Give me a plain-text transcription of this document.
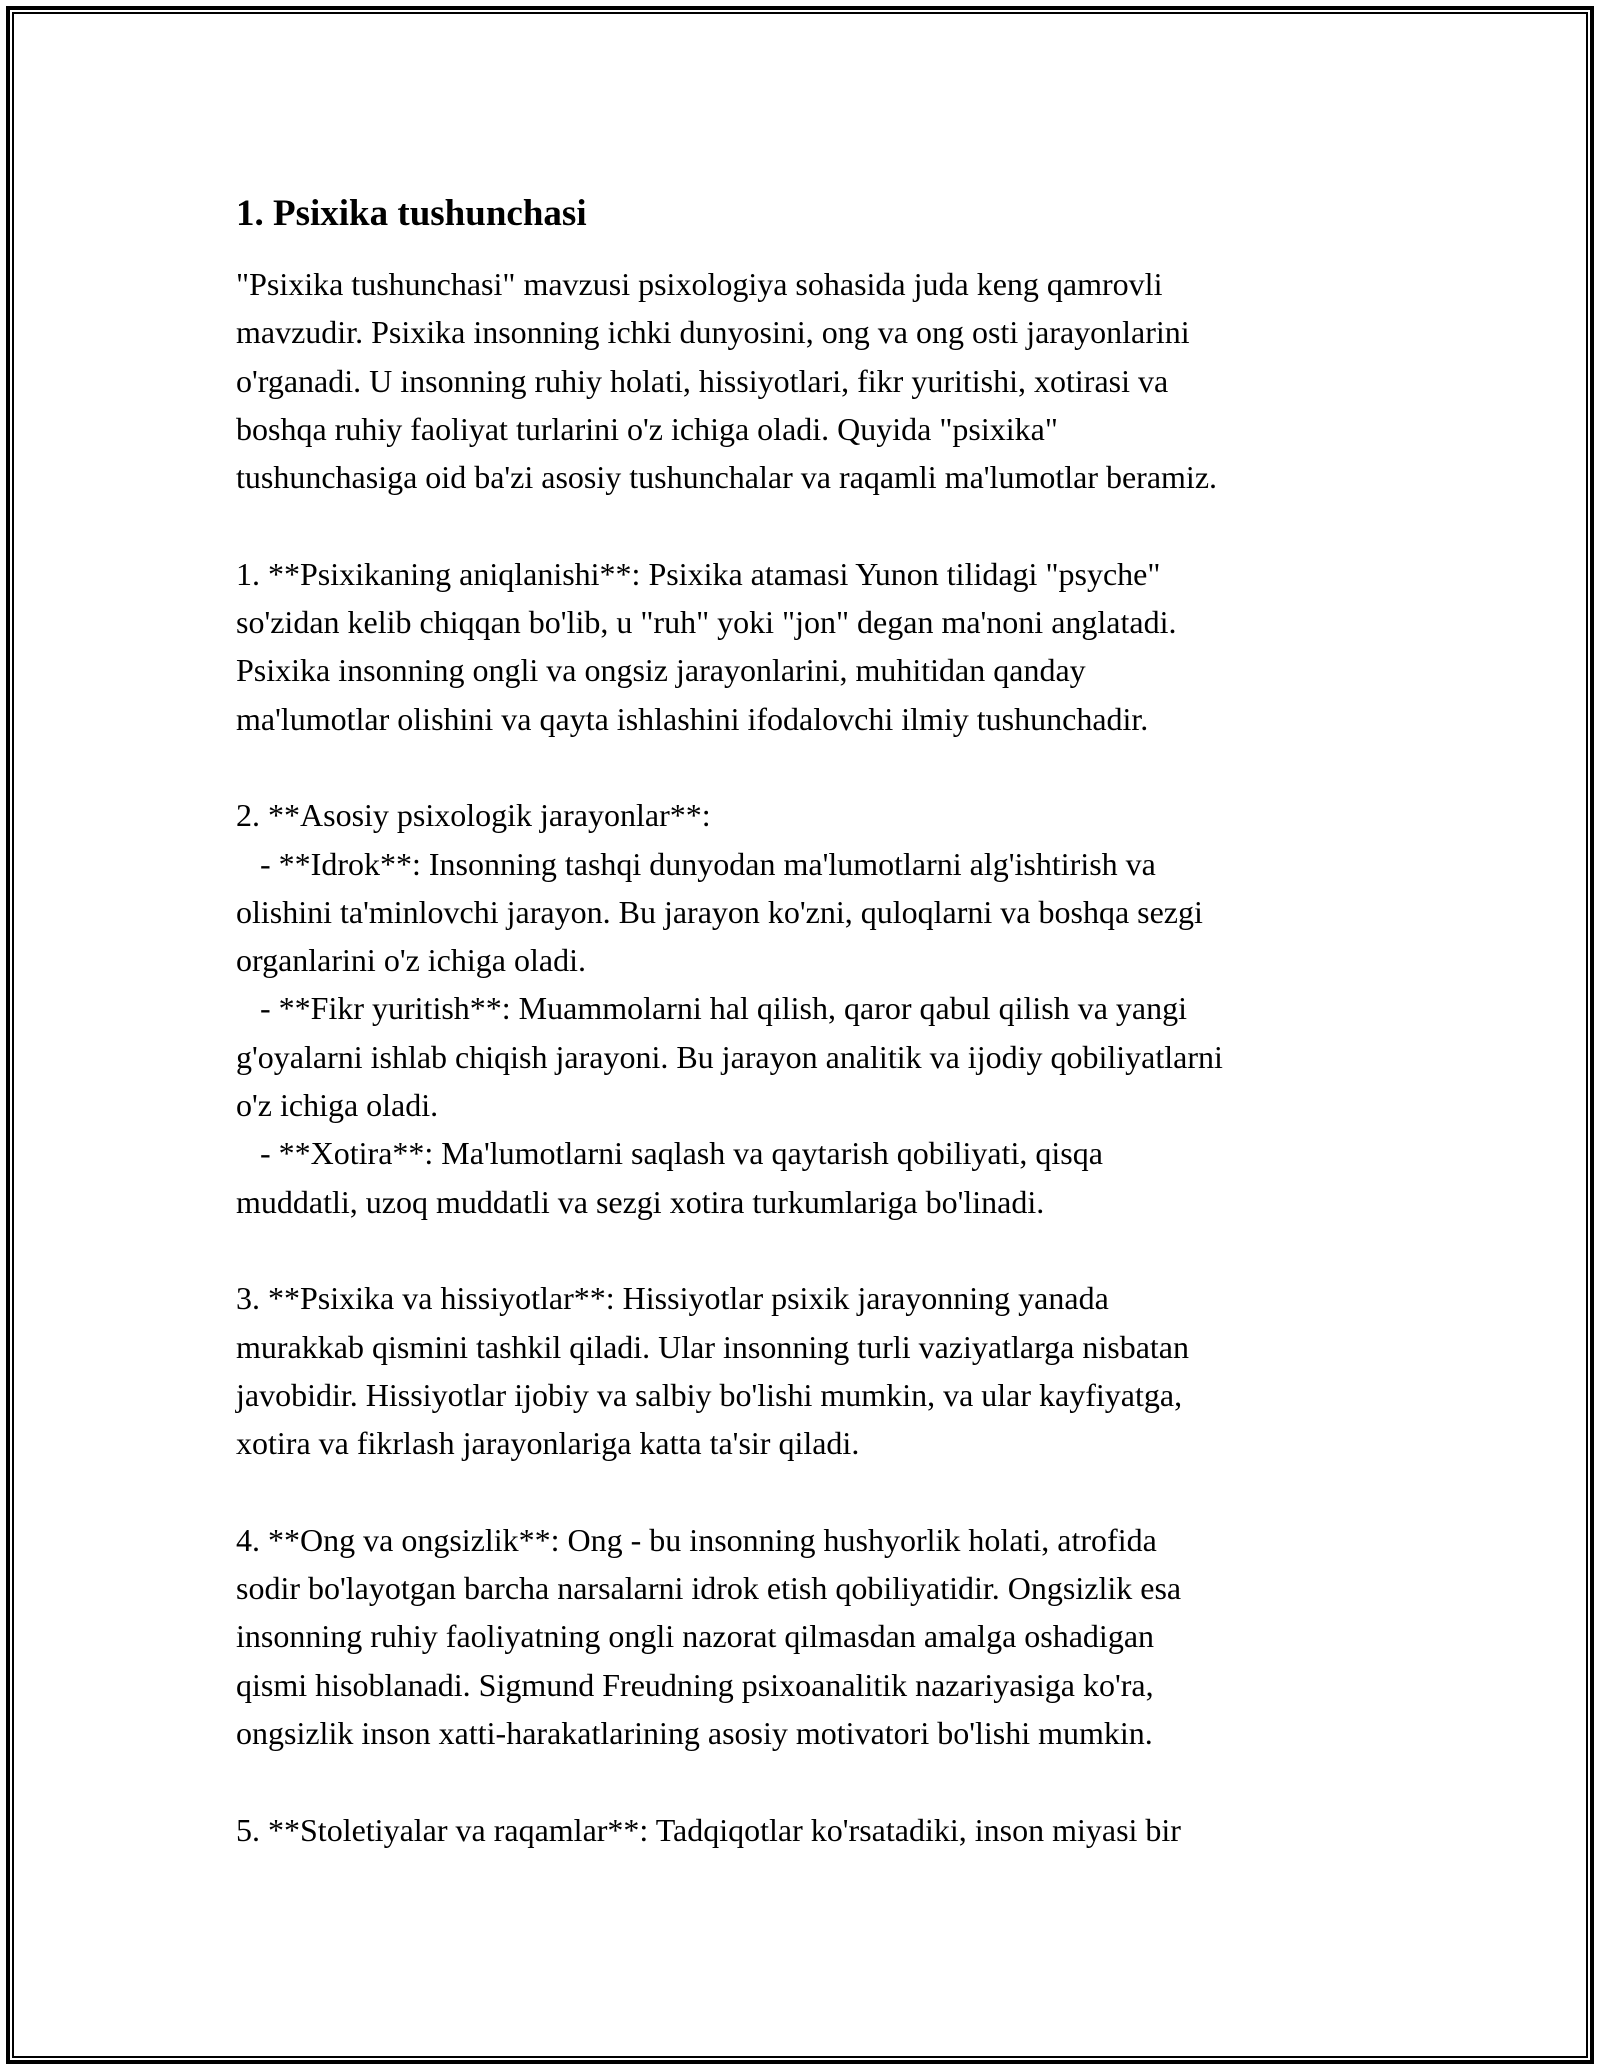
1. Psixika tushunchasi
"Psixika tushunchasi" mavzusi psixologiya sohasida juda keng qamrovli
mavzudir. Psixika insonning ichki dunyosini, ong va ong osti jarayonlarini
o'rganadi. U insonning ruhiy holati, hissiyotlari, fikr yuritishi, xotirasi va
boshqa ruhiy faoliyat turlarini o'z ichiga oladi. Quyida "psixika"
tushunchasiga oid ba'zi asosiy tushunchalar va raqamli ma'lumotlar beramiz.
1. **Psixikaning aniqlanishi**: Psixika atamasi Yunon tilidagi "psyche"
so'zidan kelib chiqqan bo'lib, u "ruh" yoki "jon" degan ma'noni anglatadi.
Psixika insonning ongli va ongsiz jarayonlarini, muhitidan qanday
ma'lumotlar olishini va qayta ishlashini ifodalovchi ilmiy tushunchadir.
2. **Asosiy psixologik jarayonlar**:
- **Idrok**: Insonning tashqi dunyodan ma'lumotlarni alg'ishtirish va
olishini ta'minlovchi jarayon. Bu jarayon ko'zni, quloqlarni va boshqa sezgi
organlarini o'z ichiga oladi.
- **Fikr yuritish**: Muammolarni hal qilish, qaror qabul qilish va yangi
g'oyalarni ishlab chiqish jarayoni. Bu jarayon analitik va ijodiy qobiliyatlarni
o'z ichiga oladi.
- **Xotira**: Ma'lumotlarni saqlash va qaytarish qobiliyati, qisqa
muddatli, uzoq muddatli va sezgi xotira turkumlariga bo'linadi.
3. **Psixika va hissiyotlar**: Hissiyotlar psixik jarayonning yanada
murakkab qismini tashkil qiladi. Ular insonning turli vaziyatlarga nisbatan
javobidir. Hissiyotlar ijobiy va salbiy bo'lishi mumkin, va ular kayfiyatga,
xotira va fikrlash jarayonlariga katta ta'sir qiladi.
4. **Ong va ongsizlik**: Ong - bu insonning hushyorlik holati, atrofida
sodir bo'layotgan barcha narsalarni idrok etish qobiliyatidir. Ongsizlik esa
insonning ruhiy faoliyatning ongli nazorat qilmasdan amalga oshadigan
qismi hisoblanadi. Sigmund Freudning psixoanalitik nazariyasiga ko'ra,
ongsizlik inson xatti-harakatlarining asosiy motivatori bo'lishi mumkin.
5. **Stoletiyalar va raqamlar**: Tadqiqotlar ko'rsatadiki, inson miyasi bir
